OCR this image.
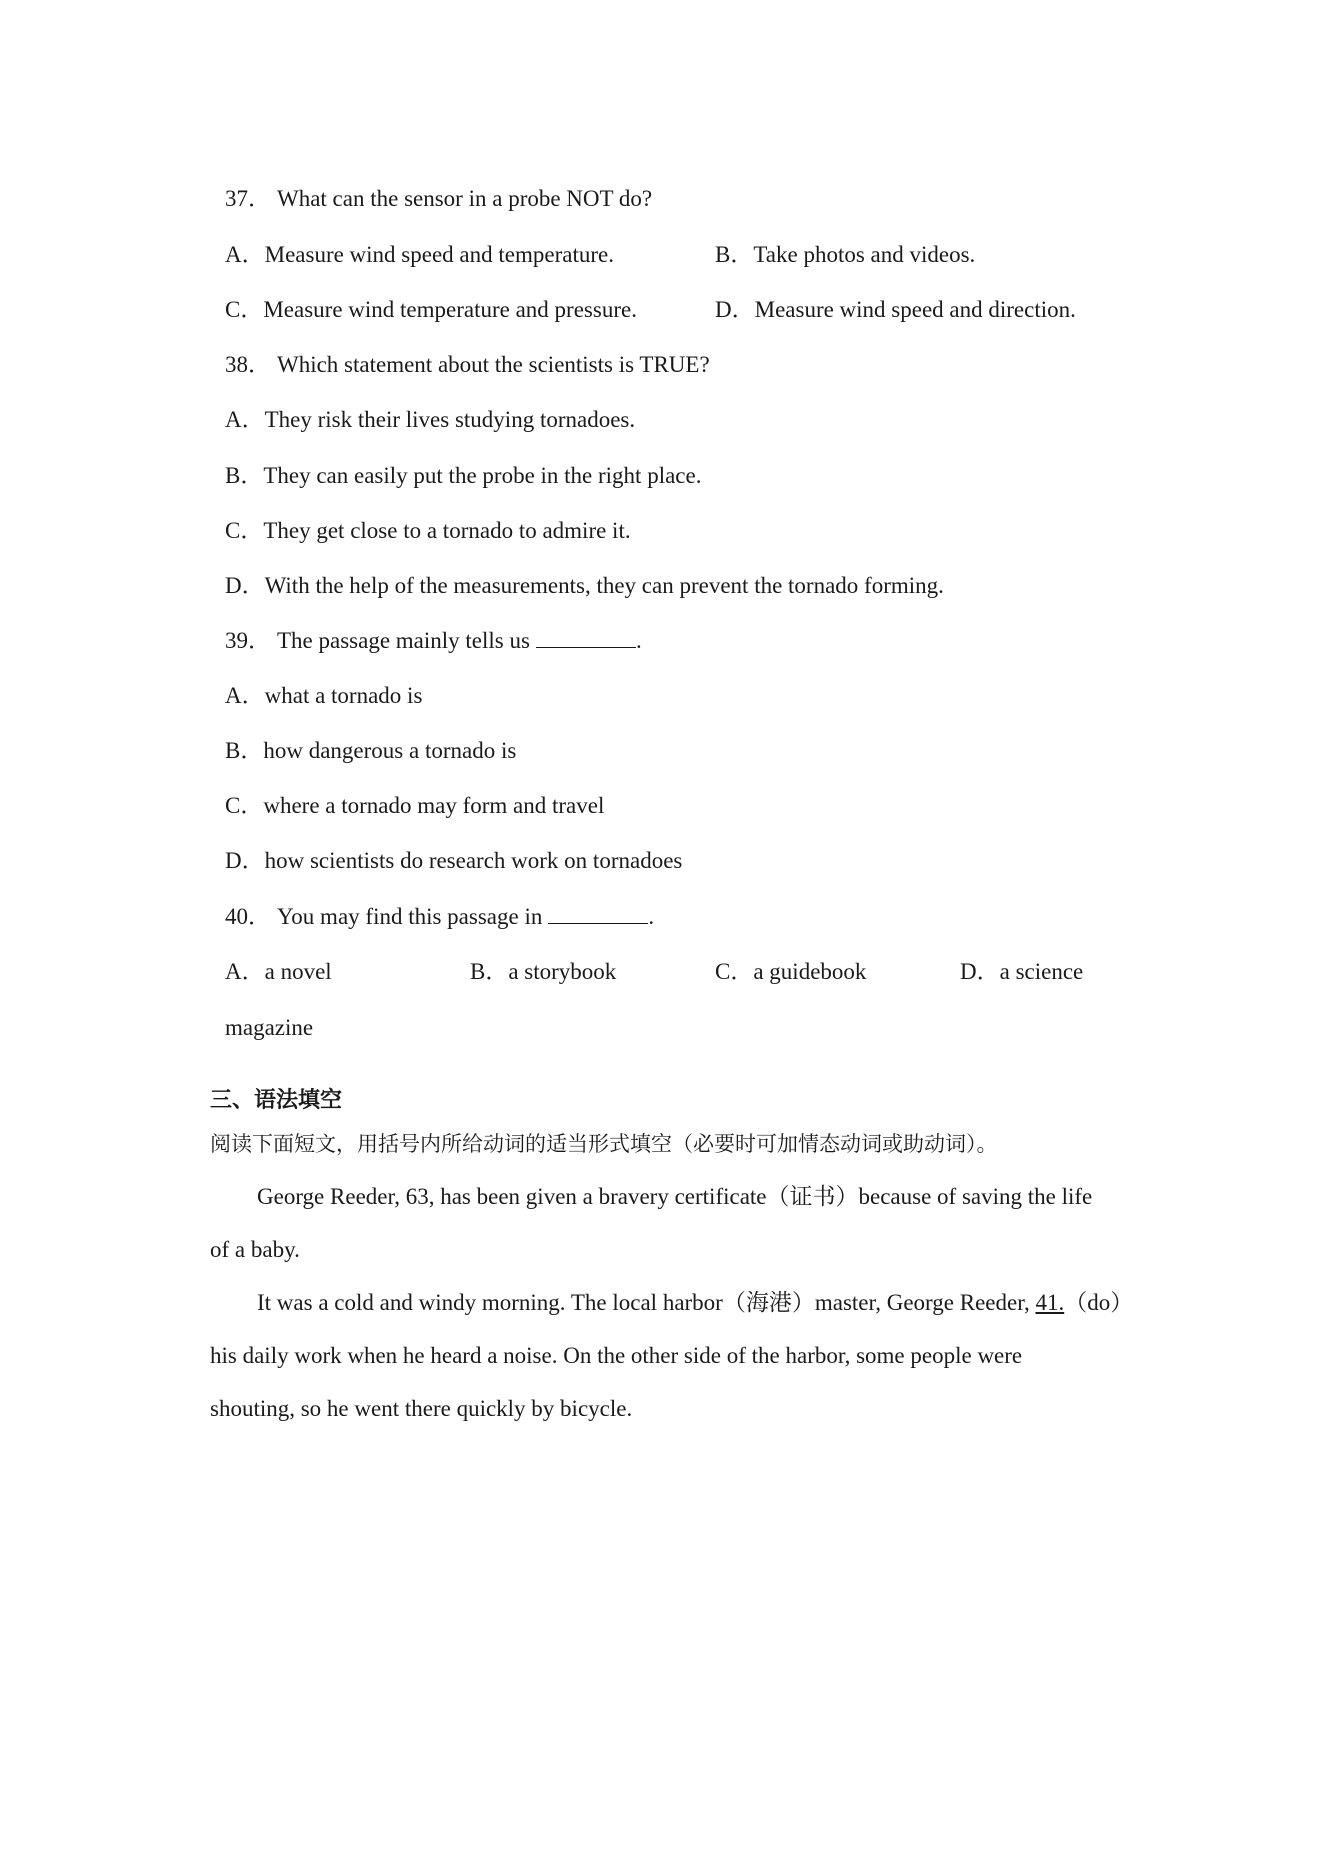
37． What can the sensor in a probe NOT do?
A．Measure wind speed and temperature.	B．Take photos and videos.
C．Measure wind temperature and pressure.	D．Measure wind speed and direction.
38． Which statement about the scientists is TRUE?
A．They risk their lives studying tornadoes.
B．They can easily put the probe in the right place.
C．They get close to a tornado to admire it.
D．With the help of the measurements, they can prevent the tornado forming.
39． The passage mainly tells us	.
A．what a tornado is
B．how dangerous a tornado is
C．where a tornado may form and travel
D．how scientists do research work on tornadoes
40． You may find this passage in	.
A．a novel	B．a storybook	C．a guidebook	D．a science
magazine
三、语法填空
阅读下面短文，用括号内所给动词的适当形式填空（必要时可加情态动词或助动词）。
George Reeder, 63, has been given a bravery certificate（证书）because of saving the life
of a baby.
It was a cold and windy morning. The local harbor（海港）master, George Reeder, 41.（do）
his daily work when he heard a noise. On the other side of the harbor, some people were
shouting, so he went there quickly by bicycle.
